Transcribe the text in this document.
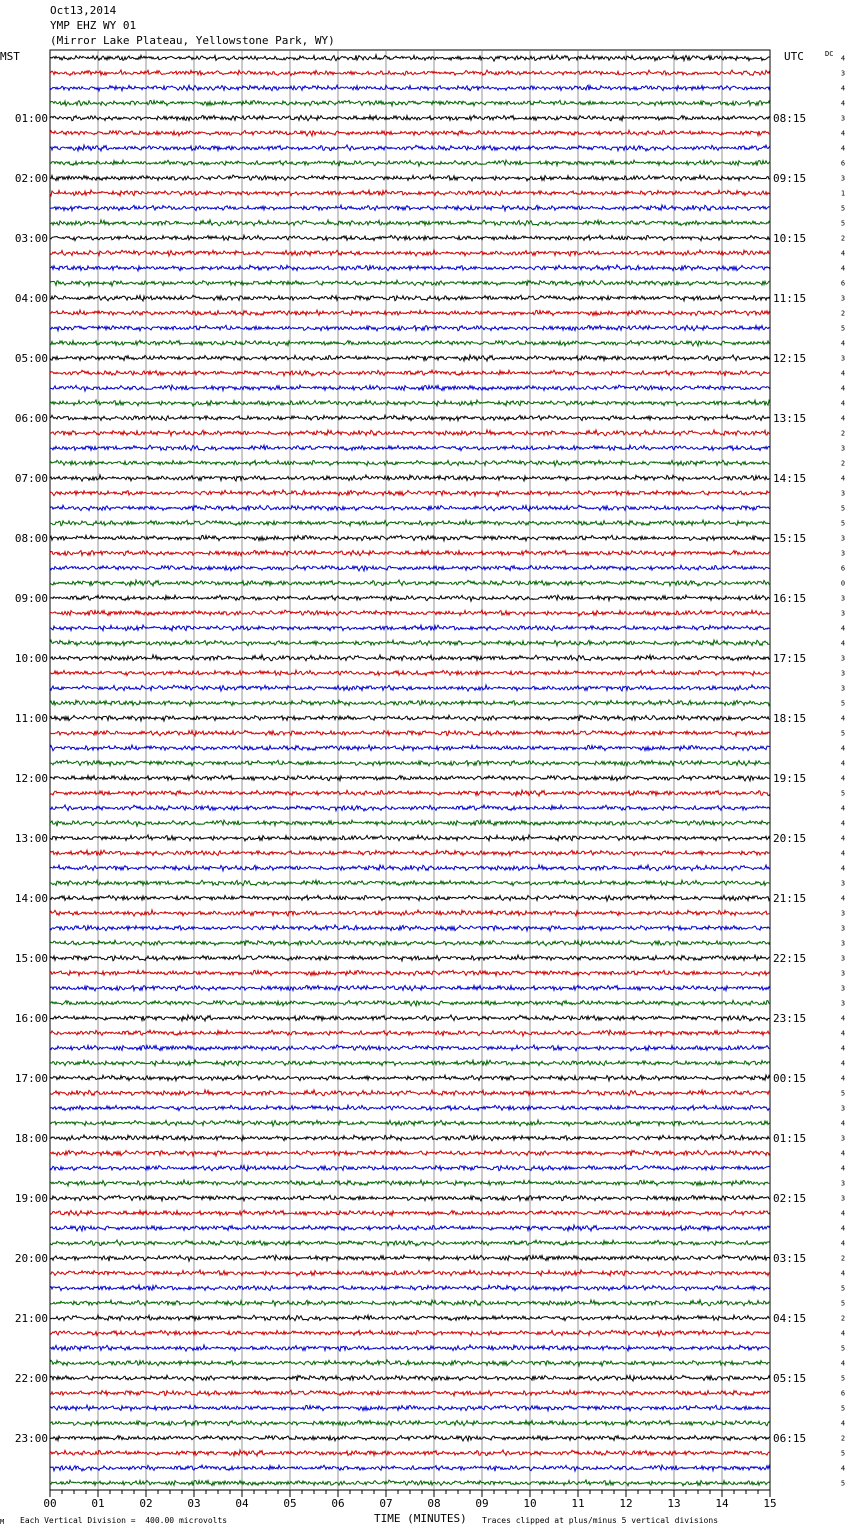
Oct13,2014
YMP EHZ WY 01
(Mirror Lake Plateau, Yellowstone Park, WY)
4
3
4
4
3
4
4
6
3
1
5
5
2
4
4
6
3
2
5
4
3
4
4
4
4
2
3
2
4
3
5
5
3
3
6
0
3
3
4
4
3
3
3
5
4
5
4
4
4
5
4
4
4
4
4
3
4
3
3
3
3
3
3
3
4
4
4
4
4
5
3
4
3
4
4
3
3
4
4
4
2
4
5
5
2
4
5
4
5
6
5
4
2
5
4
5
MST	UTC	DC
01:00
02:00
03:00
04:00
05:00
06:00
07:00
08:00
09:00
10:00
11:00
12:00
13:00
14:00
15:00
16:00
17:00
18:00
19:00
20:00
21:00
22:00
23:00
08:15
09:15
10:15
11:15
12:15
13:15
14:15
15:15
16:15
17:15
18:15
19:15
20:15
21:15
22:15
23:15
00:15
01:15
02:15
03:15
04:15
05:15
06:15
00	01	02	03	04	05	06	07	08	09	10	11	12	13	14	15
M Each Vertical Division =  400.00 microvolts	TIME (MINUTES) Traces clipped at plus/minus 5 vertical divisions
